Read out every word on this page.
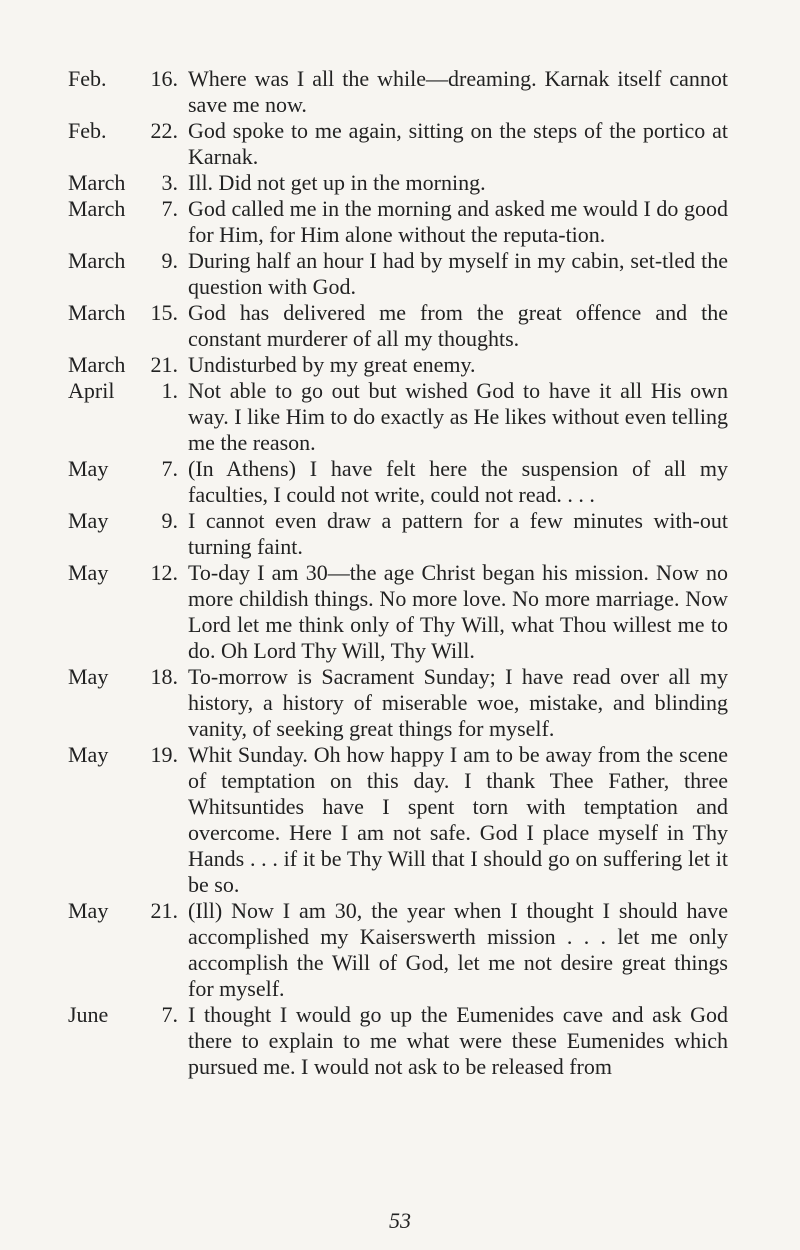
Feb. 16. Where was I all the while—dreaming. Karnak itself cannot save me now.
Feb. 22. God spoke to me again, sitting on the steps of the portico at Karnak.
March 3. Ill. Did not get up in the morning.
March 7. God called me in the morning and asked me would I do good for Him, for Him alone without the reputa-tion.
March 9. During half an hour I had by myself in my cabin, set-tled the question with God.
March 15. God has delivered me from the great offence and the constant murderer of all my thoughts.
March 21. Undisturbed by my great enemy.
April 1. Not able to go out but wished God to have it all His own way. I like Him to do exactly as He likes without even telling me the reason.
May 7. (In Athens) I have felt here the suspension of all my faculties, I could not write, could not read. . . .
May 9. I cannot even draw a pattern for a few minutes with-out turning faint.
May 12. To-day I am 30—the age Christ began his mission. Now no more childish things. No more love. No more marriage. Now Lord let me think only of Thy Will, what Thou willest me to do. Oh Lord Thy Will, Thy Will.
May 18. To-morrow is Sacrament Sunday; I have read over all my history, a history of miserable woe, mistake, and blinding vanity, of seeking great things for myself.
May 19. Whit Sunday. Oh how happy I am to be away from the scene of temptation on this day. I thank Thee Father, three Whitsuntides have I spent torn with temptation and overcome. Here I am not safe. God I place myself in Thy Hands . . . if it be Thy Will that I should go on suffering let it be so.
May 21. (Ill) Now I am 30, the year when I thought I should have accomplished my Kaiserswerth mission . . . let me only accomplish the Will of God, let me not desire great things for myself.
June 7. I thought I would go up the Eumenides cave and ask God there to explain to me what were these Eumenides which pursued me. I would not ask to be released from
53
